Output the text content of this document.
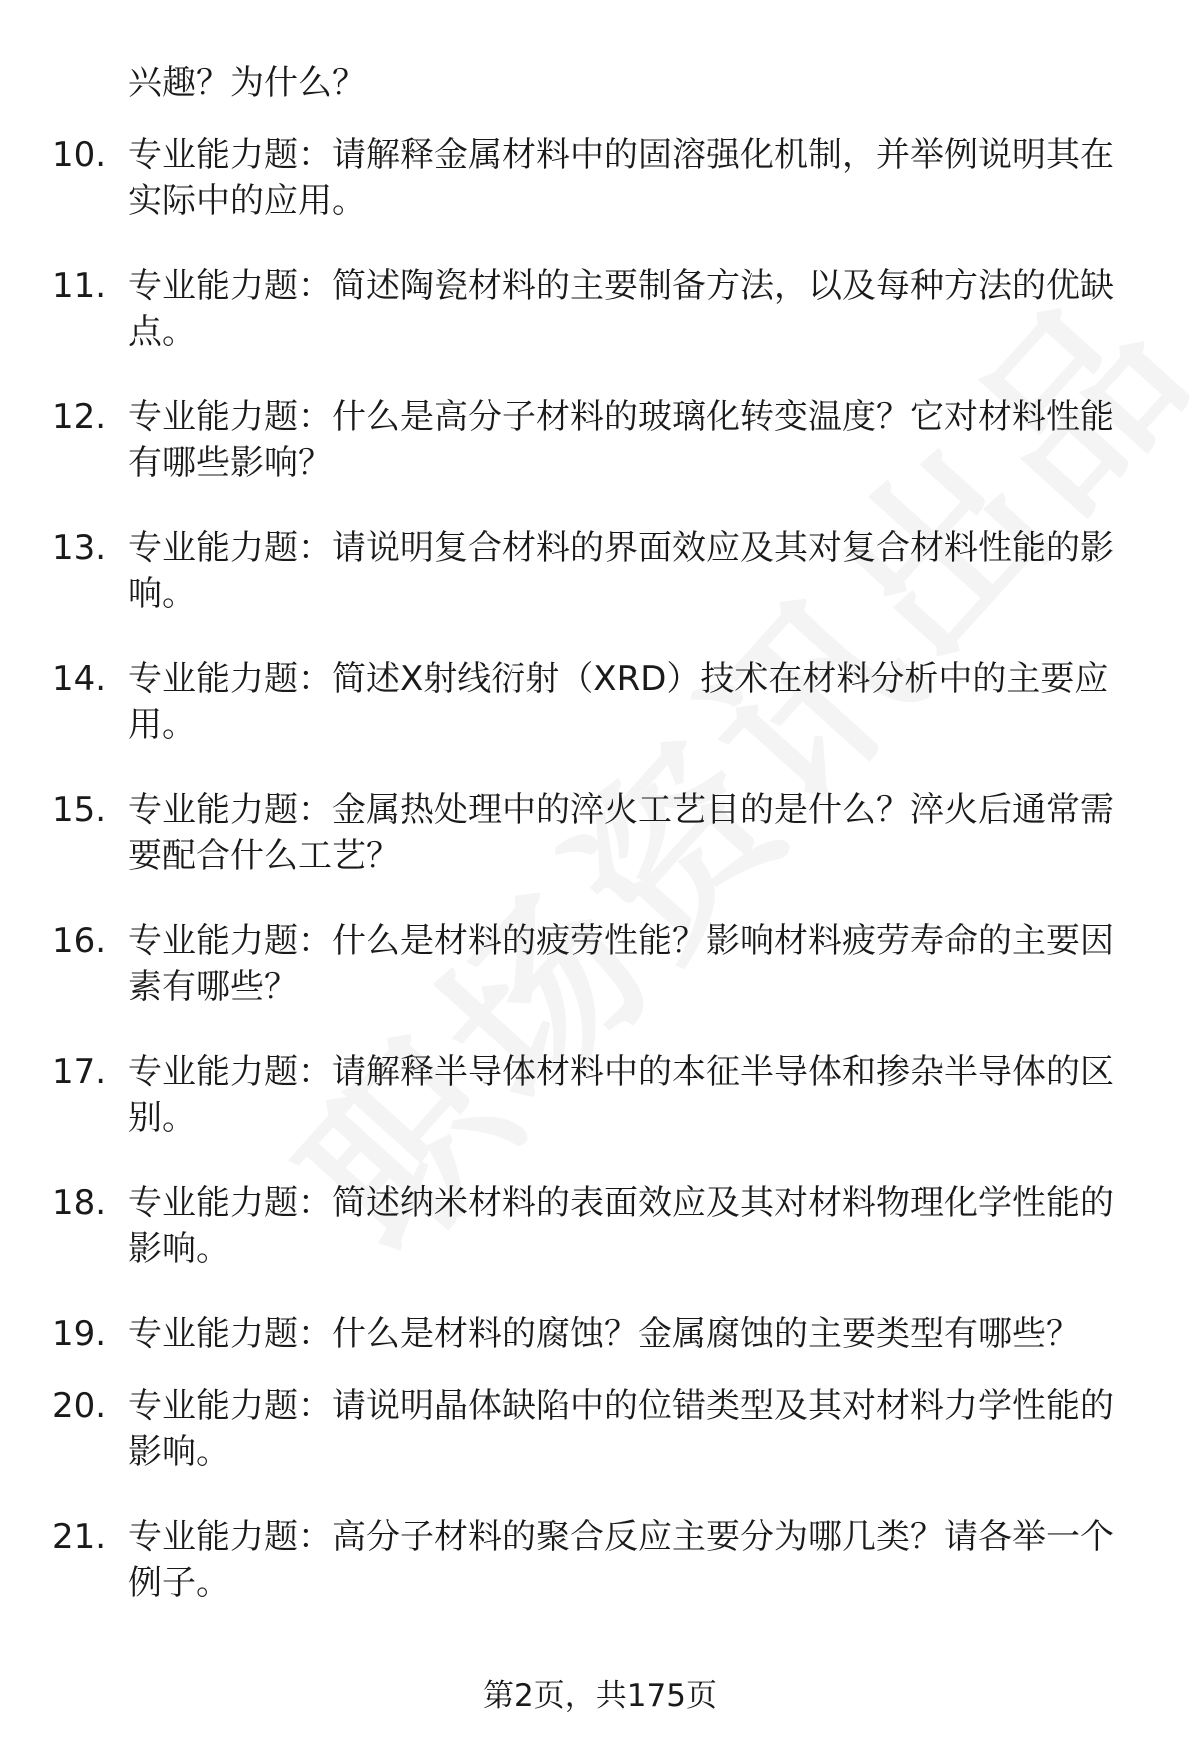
兴趣？为什么？
10. 专业能力题：请解释金属材料中的固溶强化机制，并举例说明其在实际中的应用。
11. 专业能力题：简述陶瓷材料的主要制备方法，以及每种方法的优缺点。
12. 专业能力题：什么是高分子材料的玻璃化转变温度？它对材料性能有哪些影响？
13. 专业能力题：请说明复合材料的界面效应及其对复合材料性能的影响。
14. 专业能力题：简述X射线衍射（XRD）技术在材料分析中的主要应用。
15. 专业能力题：金属热处理中的淬火工艺目的是什么？淬火后通常需要配合什么工艺？
16. 专业能力题：什么是材料的疲劳性能？影响材料疲劳寿命的主要因素有哪些？
17. 专业能力题：请解释半导体材料中的本征半导体和掺杂半导体的区别。
18. 专业能力题：简述纳米材料的表面效应及其对材料物理化学性能的影响。
19. 专业能力题：什么是材料的腐蚀？金属腐蚀的主要类型有哪些？
20. 专业能力题：请说明晶体缺陷中的位错类型及其对材料力学性能的影响。
21. 专业能力题：高分子材料的聚合反应主要分为哪几类？请各举一个例子。
第2页，共175页
